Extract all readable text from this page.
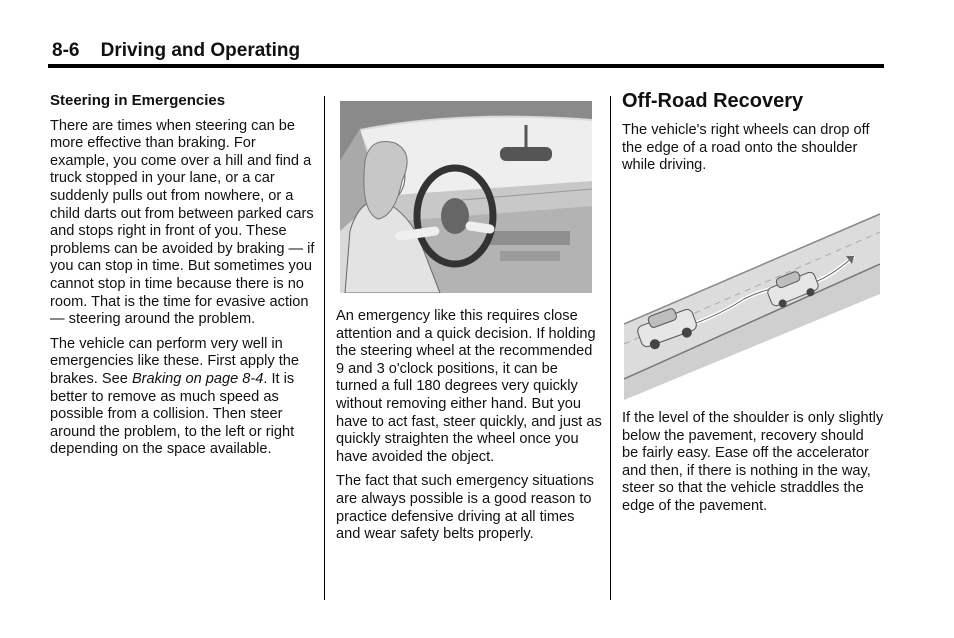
8-6 Driving and Operating
Steering in Emergencies

There are times when steering can be more effective than braking. For example, you come over a hill and find a truck stopped in your lane, or a car suddenly pulls out from nowhere, or a child darts out from between parked cars and stops right in front of you. These problems can be avoided by braking — if you can stop in time. But sometimes you cannot stop in time because there is no room. That is the time for evasive action — steering around the problem.

The vehicle can perform very well in emergencies like these. First apply the brakes. See Braking on page 8-4. It is better to remove as much speed as possible from a collision. Then steer around the problem, to the left or right depending on the space available.

An emergency like this requires close attention and a quick decision. If holding the steering wheel at the recommended 9 and 3 o'clock positions, it can be turned a full 180 degrees very quickly without removing either hand. But you have to act fast, steer quickly, and just as quickly straighten the wheel once you have avoided the object.

The fact that such emergency situations are always possible is a good reason to practice defensive driving at all times and wear safety belts properly.

Off-Road Recovery

The vehicle's right wheels can drop off the edge of a road onto the shoulder while driving.

If the level of the shoulder is only slightly below the pavement, recovery should be fairly easy. Ease off the accelerator and then, if there is nothing in the way, steer so that the vehicle straddles the edge of the pavement.
